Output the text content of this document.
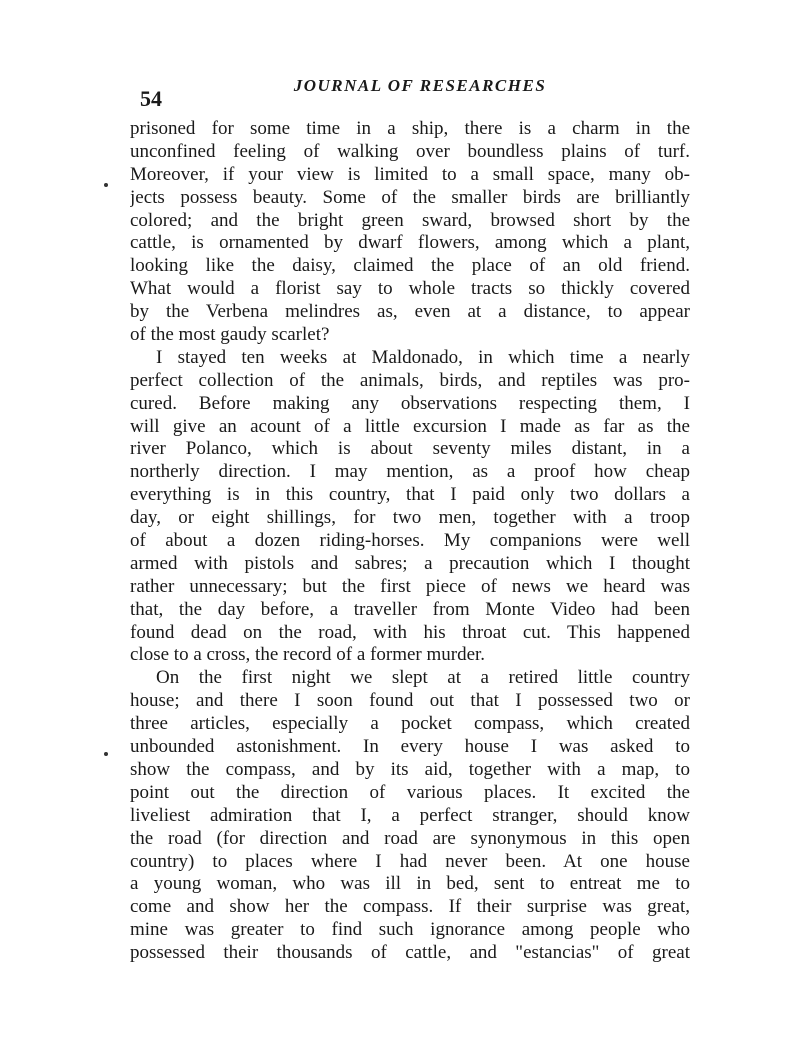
54
JOURNAL OF RESEARCHES
prisoned for some time in a ship, there is a charm in the
unconfined feeling of walking over boundless plains of turf.
Moreover, if your view is limited to a small space, many ob-
jects possess beauty. Some of the smaller birds are brilliantly
colored; and the bright green sward, browsed short by the
cattle, is ornamented by dwarf flowers, among which a plant,
looking like the daisy, claimed the place of an old friend.
What would a florist say to whole tracts so thickly covered
by the Verbena melindres as, even at a distance, to appear
of the most gaudy scarlet?
I stayed ten weeks at Maldonado, in which time a nearly
perfect collection of the animals, birds, and reptiles was pro-
cured. Before making any observations respecting them, I
will give an acount of a little excursion I made as far as the
river Polanco, which is about seventy miles distant, in a
northerly direction. I may mention, as a proof how cheap
everything is in this country, that I paid only two dollars a
day, or eight shillings, for two men, together with a troop
of about a dozen riding-horses. My companions were well
armed with pistols and sabres; a precaution which I thought
rather unnecessary; but the first piece of news we heard was
that, the day before, a traveller from Monte Video had been
found dead on the road, with his throat cut. This happened
close to a cross, the record of a former murder.
On the first night we slept at a retired little country
house; and there I soon found out that I possessed two or
three articles, especially a pocket compass, which created
unbounded astonishment. In every house I was asked to
show the compass, and by its aid, together with a map, to
point out the direction of various places. It excited the
liveliest admiration that I, a perfect stranger, should know
the road (for direction and road are synonymous in this open
country) to places where I had never been. At one house
a young woman, who was ill in bed, sent to entreat me to
come and show her the compass. If their surprise was great,
mine was greater to find such ignorance among people who
possessed their thousands of cattle, and "estancias" of great
